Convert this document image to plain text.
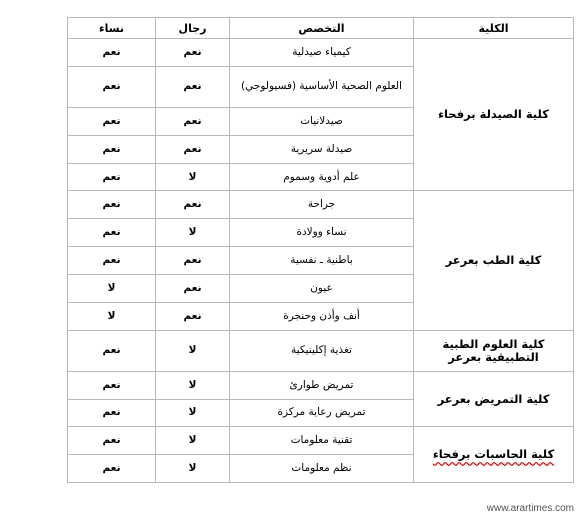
الكلية	التخصص	رجال	نساء
كلية الصيدلة برفحاء	كيمياء صيدلية	نعم	نعم
	العلوم الصحية الأساسية (فسيولوجي)	نعم	نعم
	صيدلانيات	نعم	نعم
	صيدلة سريرية	نعم	نعم
	علم أدوية وسموم	لا	نعم
كلية الطب بعرعر	جراحة	نعم	نعم
	نساء وولادة	لا	نعم
	باطنية ـ نفسية	نعم	نعم
	عيون	نعم	لا
	أنف وأذن وحنجرة	نعم	لا
كلية العلوم الطبية التطبيقية بعرعر	تغذية إكلينيكية	لا	نعم
كلية التمريض بعرعر	تمريض طوارئ	لا	نعم
	تمريض رعاية مركزة	لا	نعم
كلية الحاسبات برفحاء	تقنية معلومات	لا	نعم
	نظم معلومات	لا	نعم
www.arartimes.com
